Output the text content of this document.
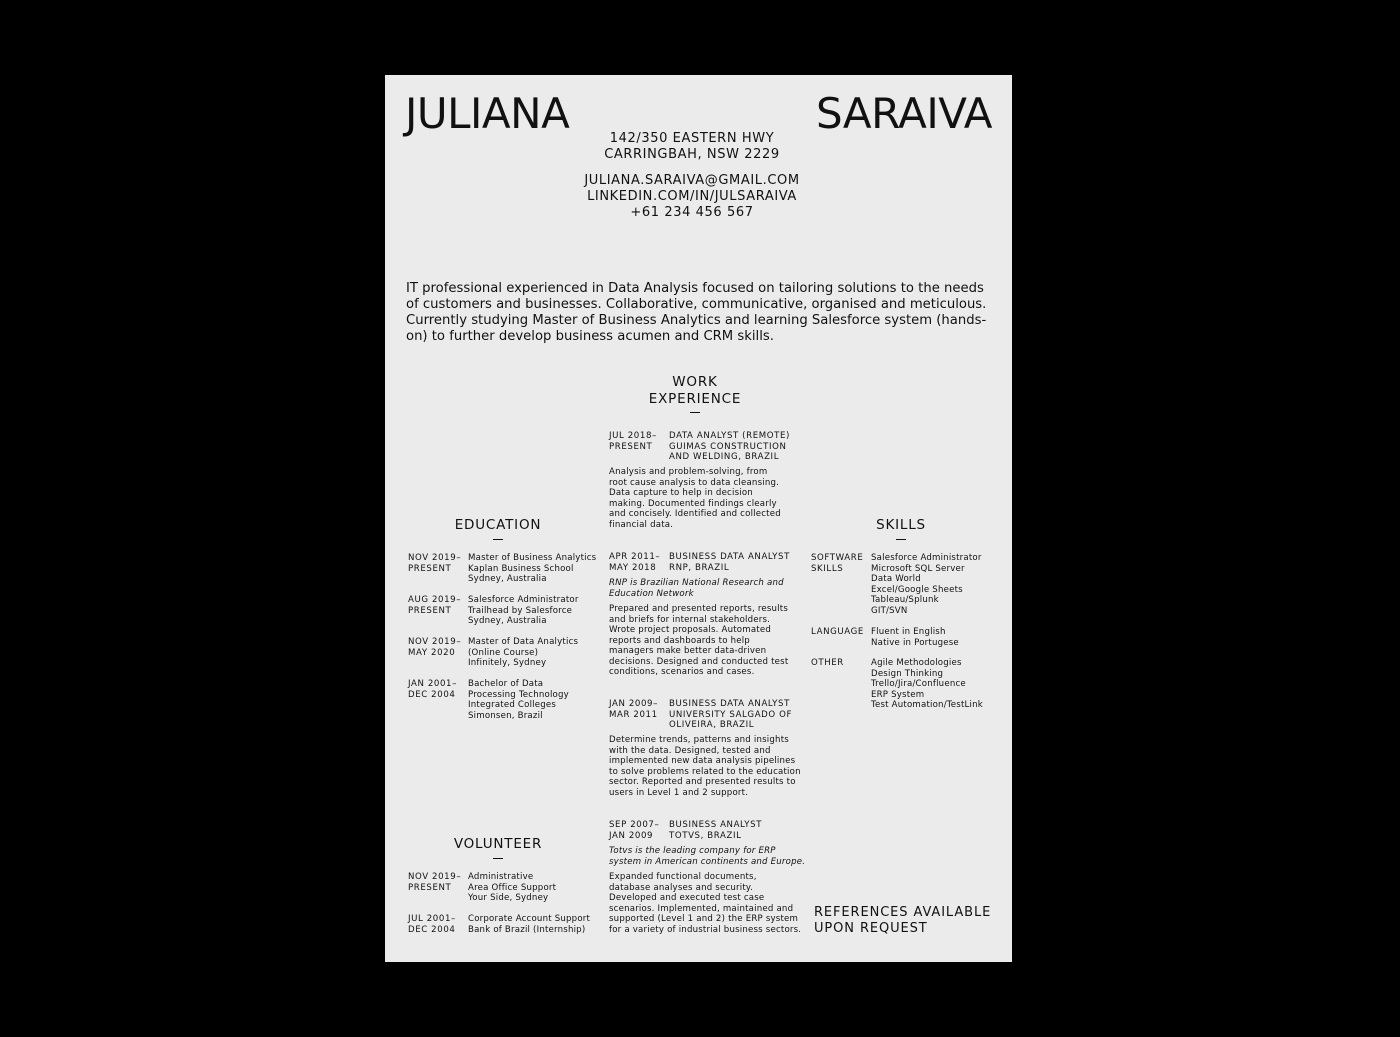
JULIANA	SARAIVA
142/350 EASTERN HWY
CARRINGBAH, NSW 2229
JULIANA.SARAIVA@GMAIL.COM
LINKEDIN.COM/IN/JULSARAIVA
+61 234 456 567
IT professional experienced in Data Analysis focused on tailoring solutions to the needs
of customers and businesses. Collaborative, communicative, organised and meticulous.
Currently studying Master of Business Analytics and learning Salesforce system (hands-
on) to further develop business acumen and CRM skills.
WORK
EXPERIENCE
JUL 2018–
PRESENT
DATA ANALYST (REMOTE)
GUIMAS CONSTRUCTION
AND WELDING, BRAZIL
Analysis and problem-solving, from
root cause analysis to data cleansing.
Data capture to help in decision
making. Documented findings clearly
and concisely. Identified and collected
financial data.
APR 2011–
MAY 2018
BUSINESS DATA ANALYST
RNP, BRAZIL
RNP is Brazilian National Research and
Education Network
Prepared and presented reports, results
and briefs for internal stakeholders.
Wrote project proposals. Automated
reports and dashboards to help
managers make better data-driven
decisions. Designed and conducted test
conditions, scenarios and cases.
JAN 2009–
MAR 2011
BUSINESS DATA ANALYST
UNIVERSITY SALGADO OF
OLIVEIRA, BRAZIL
Determine trends, patterns and insights
with the data. Designed, tested and
implemented new data analysis pipelines
to solve problems related to the education
sector. Reported and presented results to
users in Level 1 and 2 support.
SEP 2007–
JAN 2009
BUSINESS ANALYST
TOTVS, BRAZIL
Totvs is the leading company for ERP
system in American continents and Europe.
Expanded functional documents,
database analyses and security.
Developed and executed test case
scenarios. Implemented, maintained and
supported (Level 1 and 2) the ERP system
for a variety of industrial business sectors.
EDUCATION
NOV 2019–
PRESENT
Master of Business Analytics
Kaplan Business School
Sydney, Australia
AUG 2019–
PRESENT
Salesforce Administrator
Trailhead by Salesforce
Sydney, Australia
NOV 2019–
MAY 2020
Master of Data Analytics
(Online Course)
Infinitely, Sydney
JAN 2001–
DEC 2004
Bachelor of Data
Processing Technology
Integrated Colleges
Simonsen, Brazil
VOLUNTEER
NOV 2019–
PRESENT
Administrative
Area Office Support
Your Side, Sydney
JUL 2001–
DEC 2004
Corporate Account Support
Bank of Brazil (Internship)
SKILLS
SOFTWARE
SKILLS
Salesforce Administrator
Microsoft SQL Server
Data World
Excel/Google Sheets
Tableau/Splunk
GIT/SVN
LANGUAGE Fluent in English
Native in Portugese
OTHER	Agile Methodologies
Design Thinking
Trello/Jira/Confluence
ERP System
Test Automation/TestLink
REFERENCES AVAILABLE
UPON REQUEST
